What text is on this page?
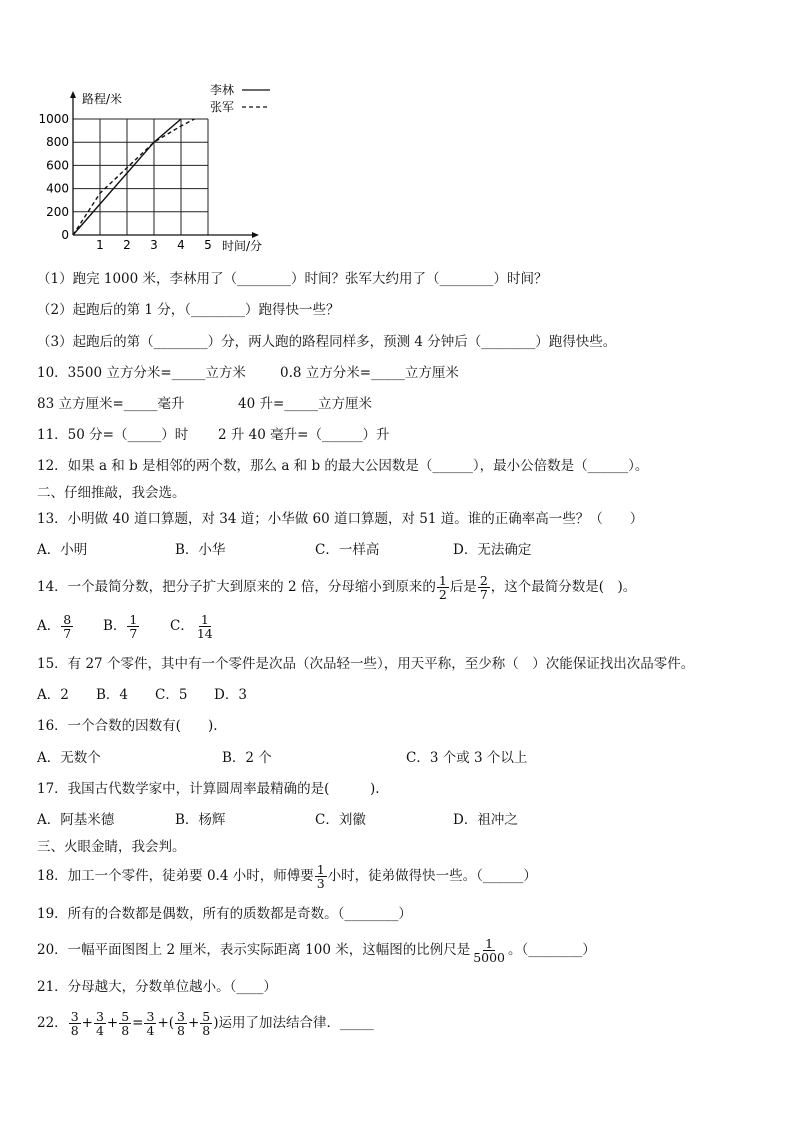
1 2 3 4 5
0
200
400
600
800
1000
路程/米
时间/分
李林
张军
（1）跑完 1000 米，李林用了（________）时间？张军大约用了（________）时间？
（2）起跑后的第 1 分，（________）跑得快一些？
（3）起跑后的第（________）分，两人跑的路程同样多，预测 4 分钟后（________）跑得快些。
10．3500 立方分米=_____立方米	0.8 立方分米=_____立方厘米
83 立方厘米=_____毫升	40 升=_____立方厘米
11．50 分=（_____）时 2 升 40 毫升=（______）升
12．如果 a 和 b 是相邻的两个数，那么 a 和 b 的最大公因数是（______），最小公倍数是（______）。
二、仔细推敲，我会选。
13．小明做 40 道口算题，对 34 道；小华做 60 道口算题，对 51 道。谁的正确率高一些？（　　）
A．小明	B．小华	C．一样高	D．无法确定
14．一个最简分数，把分子扩大到原来的 2 倍，分母缩小到原来的 $\frac{1}{2}$ 后是 $\frac{2}{7}$ ，这个最简分数是(　)。
A． $\frac{8}{7}$ B． $\frac{1}{7}$ C． $\frac{1}{14}$
15．有 27 个零件，其中有一个零件是次品（次品轻一些），用天平称，至少称（　）次能保证找出次品零件。
A．2 B．4 C．5 D．3
16．一个合数的因数有(　　).
A．无数个	B．2 个	C．3 个或 3 个以上
17．我国古代数学家中，计算圆周率最精确的是(　　　).
A．阿基米德	B．杨辉	C．刘徽	D．祖冲之
三、火眼金睛，我会判。
18．加工一个零件，徒弟要 0.4 小时，师傅要 $\frac{1}{3}$ 小时，徒弟做得快一些。（______）
19．所有的合数都是偶数，所有的质数都是奇数。（________）
20．一幅平面图图上 2 厘米，表示实际距离 100 米，这幅图的比例尺是 $\frac{1}{5000}$ 。（________）
21．分母越大，分数单位越小。（____）
22． $\frac{3}{8} + \frac{3}{4} + \frac{5}{8} = \frac{3}{4}$ +( $\frac{3}{8} + \frac{5}{8}$ )运用了加法结合律．_____
